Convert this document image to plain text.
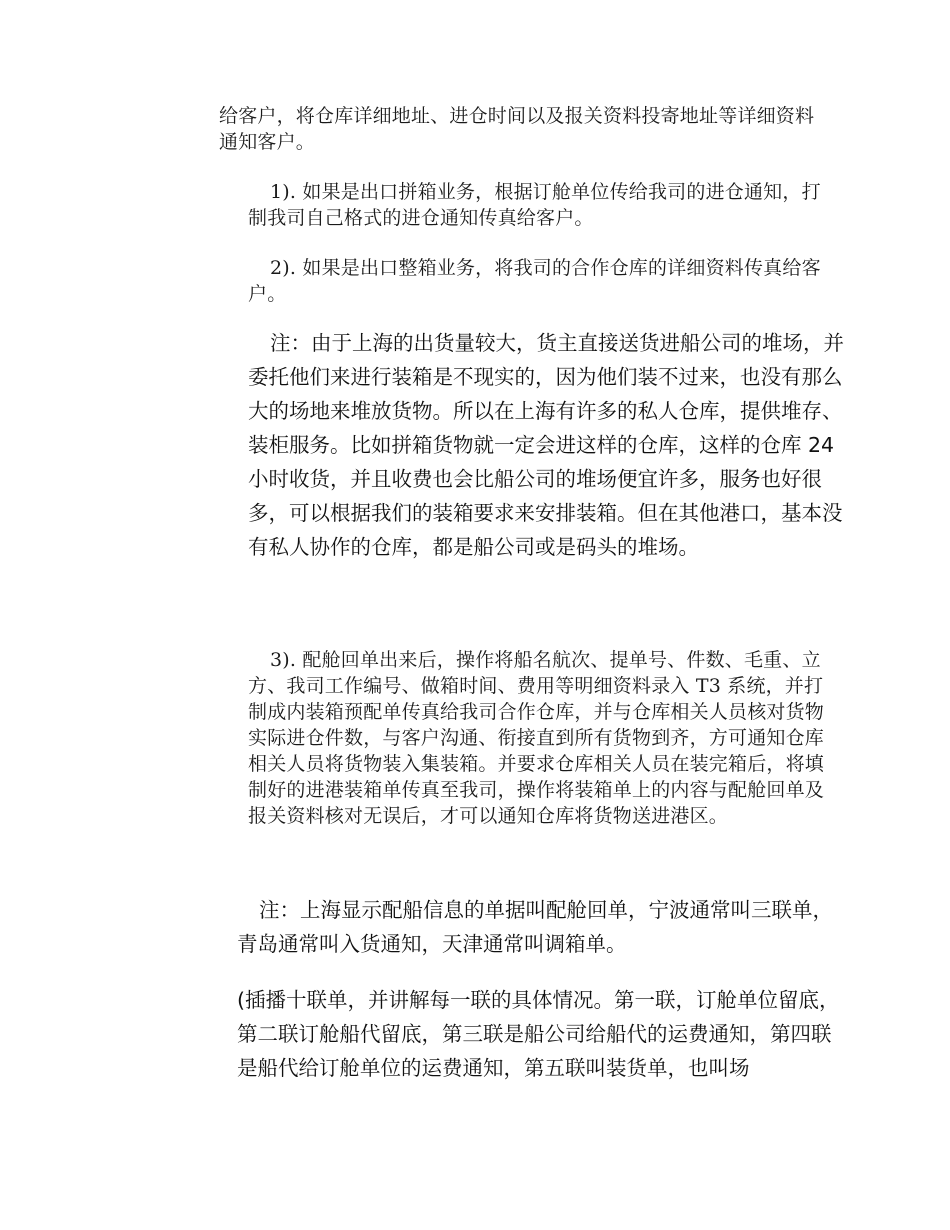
给客户，将仓库详细地址、进仓时间以及报关资料投寄地址等详细资料通知客户。

1). 如果是出口拼箱业务，根据订舱单位传给我司的进仓通知，打制我司自己格式的进仓通知传真给客户。

2). 如果是出口整箱业务，将我司的合作仓库的详细资料传真给客户。

注：由于上海的出货量较大，货主直接送货进船公司的堆场，并委托他们来进行装箱是不现实的，因为他们装不过来，也没有那么大的场地来堆放货物。所以在上海有许多的私人仓库，提供堆存、装柜服务。比如拼箱货物就一定会进这样的仓库，这样的仓库 24 小时收货，并且收费也会比船公司的堆场便宜许多，服务也好很多，可以根据我们的装箱要求来安排装箱。但在其他港口，基本没有私人协作的仓库，都是船公司或是码头的堆场。

3). 配舱回单出来后，操作将船名航次、提单号、件数、毛重、立方、我司工作编号、做箱时间、费用等明细资料录入 T3 系统，并打制成内装箱预配单传真给我司合作仓库，并与仓库相关人员核对货物实际进仓件数，与客户沟通、衔接直到所有货物到齐，方可通知仓库相关人员将货物装入集装箱。并要求仓库相关人员在装完箱后，将填制好的进港装箱单传真至我司，操作将装箱单上的内容与配舱回单及报关资料核对无误后，才可以通知仓库将货物送进港区。

注：上海显示配船信息的单据叫配舱回单，宁波通常叫三联单，青岛通常叫入货通知，天津通常叫调箱单。

(插播十联单，并讲解每一联的具体情况。第一联，订舱单位留底，第二联订舱船代留底，第三联是船公司给船代的运费通知，第四联是船代给订舱单位的运费通知，第五联叫装货单，也叫场
